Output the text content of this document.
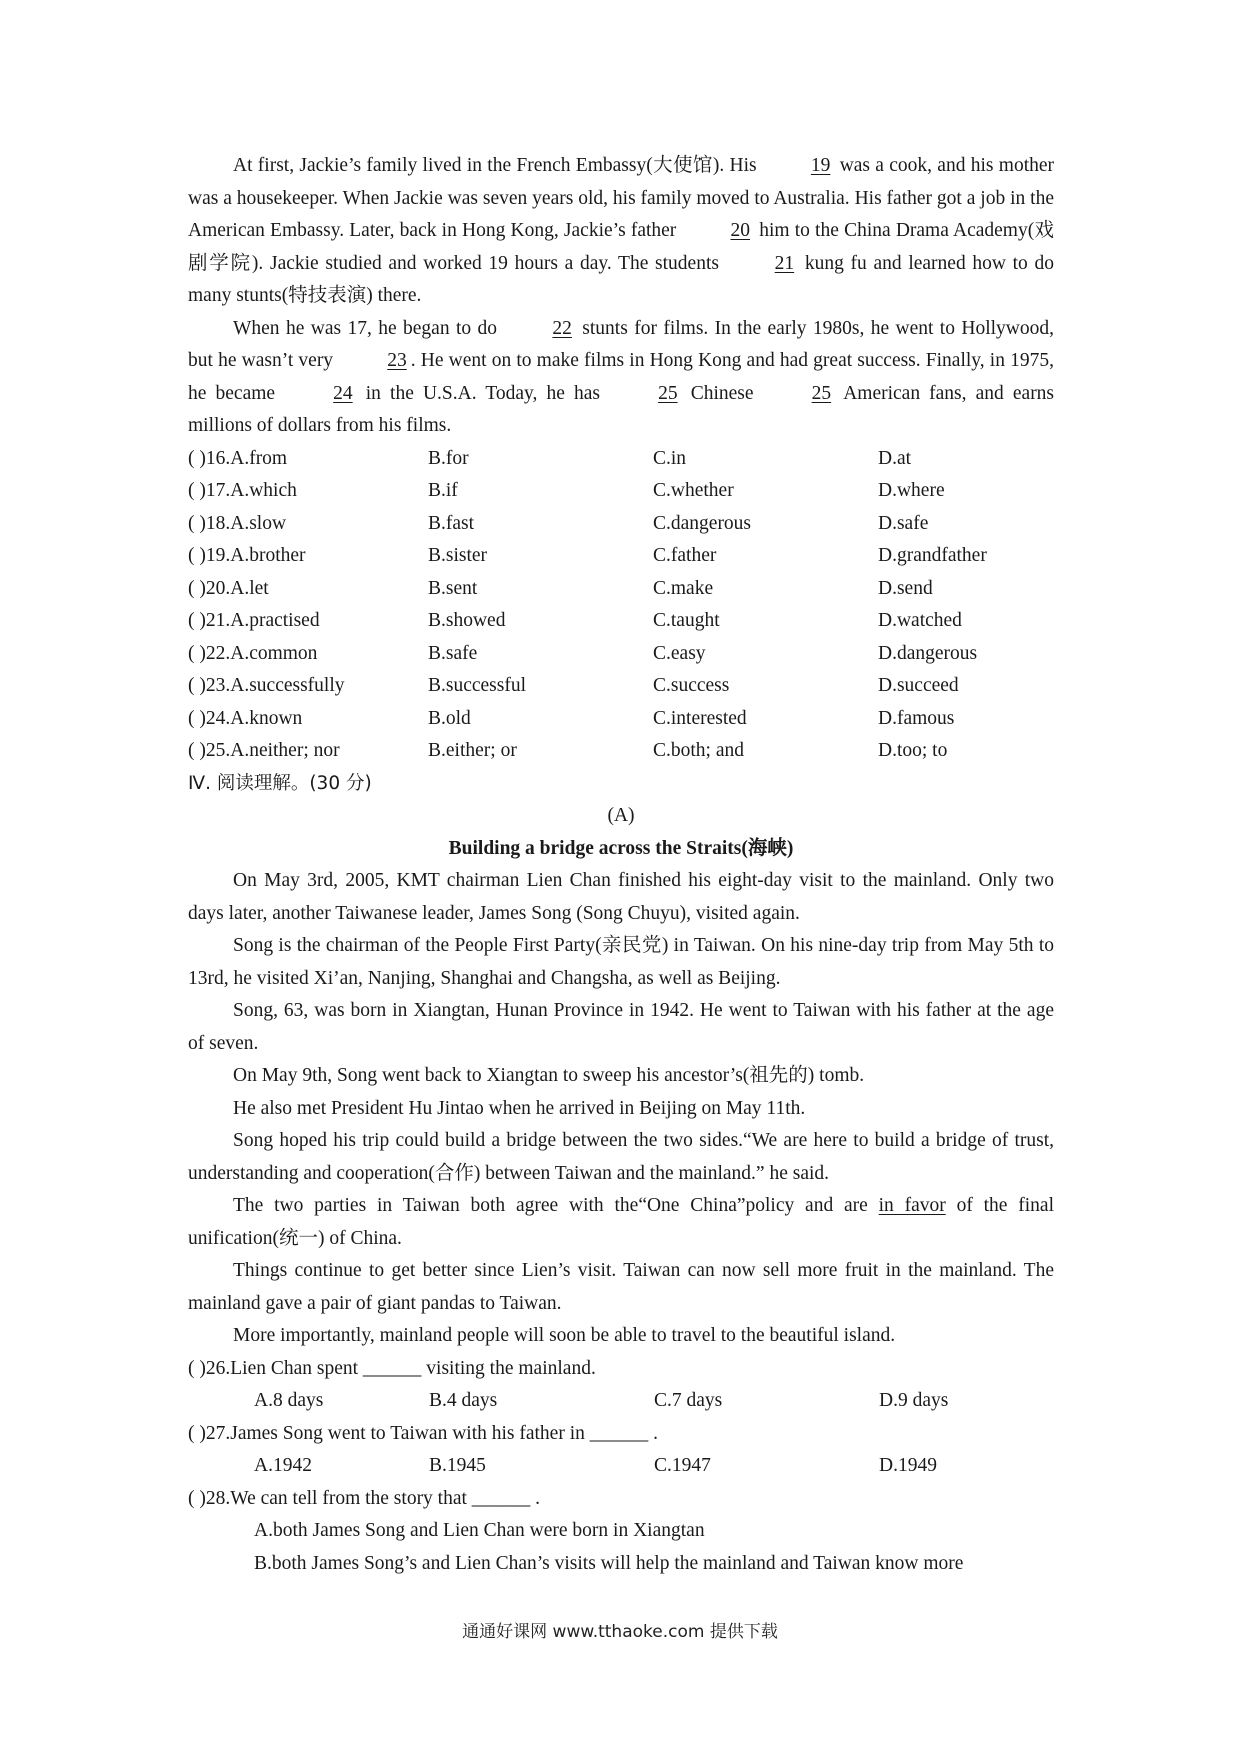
At first, Jackie’s family lived in the French Embassy(大使馆). His	19 was a cook, and his mother was a housekeeper. When Jackie was seven years old, his family moved to Australia. His father got a job in the American Embassy. Later, back in Hong Kong, Jackie’s father	20 him to the China Drama Academy(戏剧学院). Jackie studied and worked 19 hours a day. The students	21 kung fu and learned how to do many stunts(特技表演) there.

When he was 17, he began to do	22 stunts for films. In the early 1980s, he went to Hollywood, but he wasn’t very	23 . He went on to make films in Hong Kong and had great success. Finally, in 1975, he became	24 in the U.S.A. Today, he has	25 Chinese	25 American fans, and earns millions of dollars from his films.

( )16.A.from	B.for	C.in	D.at
( )17.A.which	B.if	C.whether	D.where
( )18.A.slow	B.fast	C.dangerous	D.safe
( )19.A.brother	B.sister	C.father	D.grandfather
( )20.A.let	B.sent	C.make	D.send
( )21.A.practised	B.showed	C.taught	D.watched
( )22.A.common	B.safe	C.easy	D.dangerous
( )23.A.successfully	B.successful	C.success	D.succeed
( )24.A.known	B.old	C.interested	D.famous
( )25.A.neither; nor	B.either; or	C.both; and	D.too; to

Ⅳ. 阅读理解。(30 分)

(A)

Building a bridge across the Straits(海峡)

On May 3rd, 2005, KMT chairman Lien Chan finished his eight-day visit to the mainland. Only two days later, another Taiwanese leader, James Song (Song Chuyu), visited again.

Song is the chairman of the People First Party(亲民党) in Taiwan. On his nine-day trip from May 5th to 13rd, he visited Xi’an, Nanjing, Shanghai and Changsha, as well as Beijing.

Song, 63, was born in Xiangtan, Hunan Province in 1942. He went to Taiwan with his father at the age of seven.

On May 9th, Song went back to Xiangtan to sweep his ancestor’s(祖先的) tomb.

He also met President Hu Jintao when he arrived in Beijing on May 11th.

Song hoped his trip could build a bridge between the two sides.“We are here to build a bridge of trust, understanding and cooperation(合作) between Taiwan and the mainland.” he said.

The two parties in Taiwan both agree with the“One China”policy and are in favor of the final unification(统一) of China.

Things continue to get better since Lien’s visit. Taiwan can now sell more fruit in the mainland. The mainland gave a pair of giant pandas to Taiwan.

More importantly, mainland people will soon be able to travel to the beautiful island.

( )26.Lien Chan spent ______ visiting the mainland.

A.8 days	B.4 days	C.7 days	D.9 days

( )27.James Song went to Taiwan with his father in ______ .

A.1942	B.1945	C.1947	D.1949

( )28.We can tell from the story that ______ .

A.both James Song and Lien Chan were born in Xiangtan

B.both James Song’s and Lien Chan’s visits will help the mainland and Taiwan know more

通通好课网 www.tthaoke.com 提供下载
